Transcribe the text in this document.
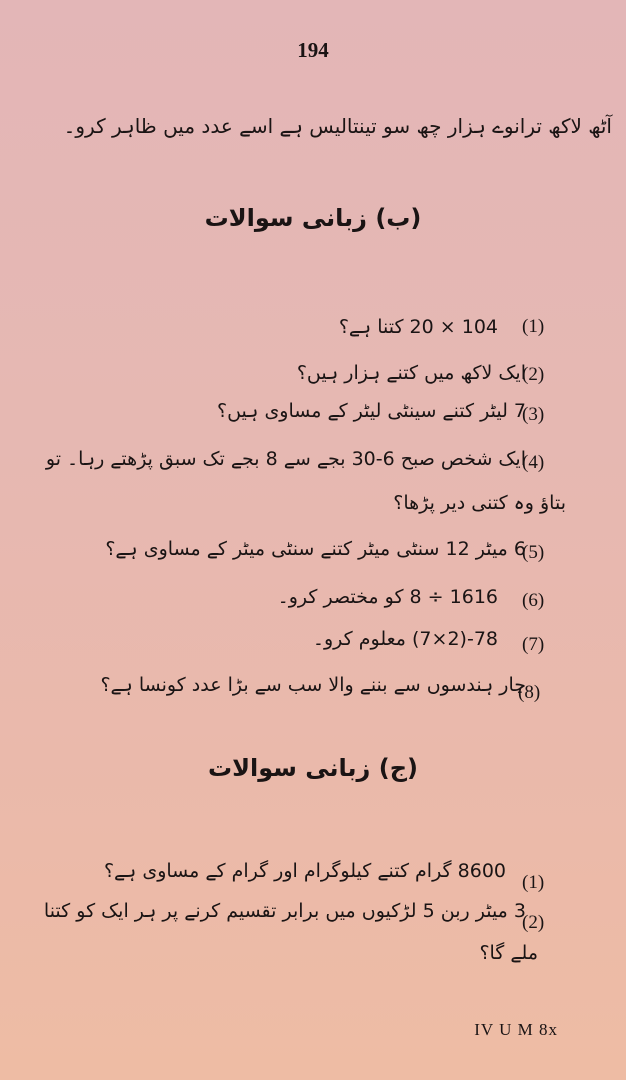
194
آٹھ لاکھ ترانوے ہزار چھ سو تینتالیس ہے اسے عدد میں ظاہر کرو۔
(ب) زبانی سوالات
(1)
104 × 20 کتنا ہے؟
(2)
ایک لاکھ میں کتنے ہزار ہیں؟
(3)
7 لیٹر کتنے سینٹی لیٹر کے مساوی ہیں؟
(4)
ایک شخص صبح 6-30 بجے سے 8 بجے تک سبق پڑھتے رہا۔ تو
بتاؤ وہ کتنی دیر پڑھا؟
(5)
6 میٹر 12 سنٹی میٹر کتنے سنٹی میٹر کے مساوی ہے؟
(6)
1616 ÷ 8 کو مختصر کرو۔
(7)
78-(2×7) معلوم کرو۔
(8)
چار ہندسوں سے بننے والا سب سے بڑا عدد کونسا ہے؟
(ج) زبانی سوالات
(1)
8600 گرام کتنے کیلوگرام اور گرام کے مساوی ہے؟
(2)
3 میٹر ربن 5 لڑکیوں میں برابر تقسیم کرنے پر ہر ایک کو کتنا
ملے گا؟
IV U M 8x
